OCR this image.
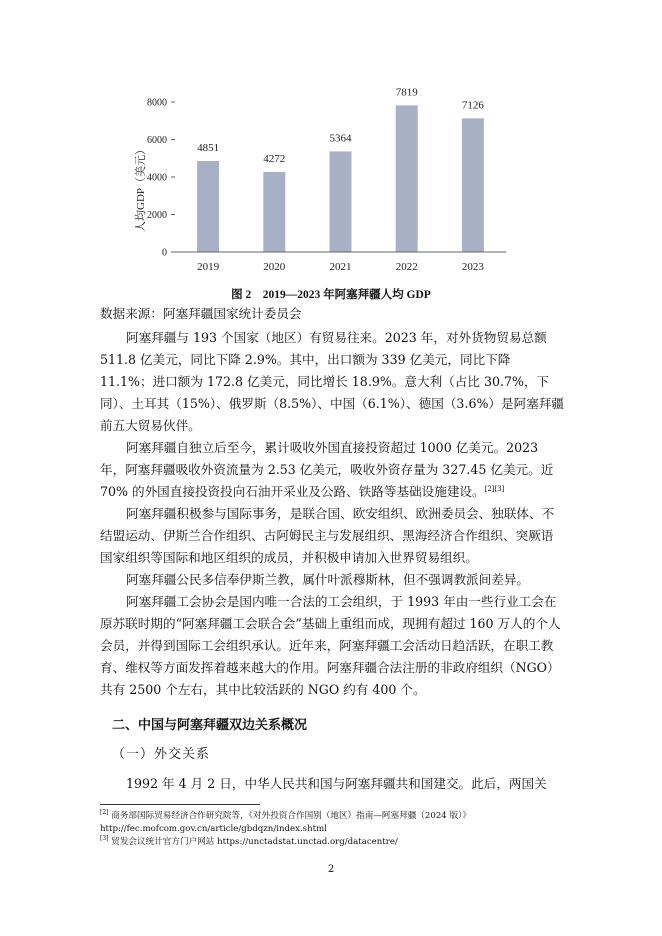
人均GDP（美元）
0
2000
4000
6000
8000
4851
2019
4272
2020
5364
2021
7819
2022
7126
2023
图 2　2019—2023 年阿塞拜疆人均 GDP

数据来源：阿塞拜疆国家统计委员会

阿塞拜疆与 193 个国家（地区）有贸易往来。2023 年，对外货物贸易总额 511.8 亿美元，同比下降 2.9%。其中，出口额为 339 亿美元，同比下降 11.1%；进口额为 172.8 亿美元，同比增长 18.9%。意大利（占比 30.7%，下同）、土耳其（15%）、俄罗斯（8.5%）、中国（6.1%）、德国（3.6%）是阿塞拜疆前五大贸易伙伴。

阿塞拜疆自独立后至今，累计吸收外国直接投资超过 1000 亿美元。2023 年，阿塞拜疆吸收外资流量为 2.53 亿美元，吸收外资存量为 327.45 亿美元。近 70% 的外国直接投资投向石油开采业及公路、铁路等基础设施建设。[2][3]

阿塞拜疆积极参与国际事务，是联合国、欧安组织、欧洲委员会、独联体、不结盟运动、伊斯兰合作组织、古阿姆民主与发展组织、黑海经济合作组织、突厥语国家组织等国际和地区组织的成员，并积极申请加入世界贸易组织。

阿塞拜疆公民多信奉伊斯兰教，属什叶派穆斯林，但不强调教派间差异。

阿塞拜疆工会协会是国内唯一合法的工会组织，于 1993 年由一些行业工会在原苏联时期的“阿塞拜疆工会联合会”基础上重组而成，现拥有超过 160 万人的个人会员，并得到国际工会组织承认。近年来，阿塞拜疆工会活动日趋活跃，在职工教育、维权等方面发挥着越来越大的作用。阿塞拜疆合法注册的非政府组织（NGO）共有 2500 个左右，其中比较活跃的 NGO 约有 400 个。

二、中国与阿塞拜疆双边关系概况
（一）外交关系

1992 年 4 月 2 日，中华人民共和国与阿塞拜疆共和国建交。此后，两国关

[2] 商务部国际贸易经济合作研究院等，《对外投资合作国别（地区）指南—阿塞拜疆（2024 版）》

http://fec.mofcom.gov.cn/article/gbdqzn/index.shtml

[3] 贸发会议统计官方门户网站 https://unctadstat.unctad.org/datacentre/

2
